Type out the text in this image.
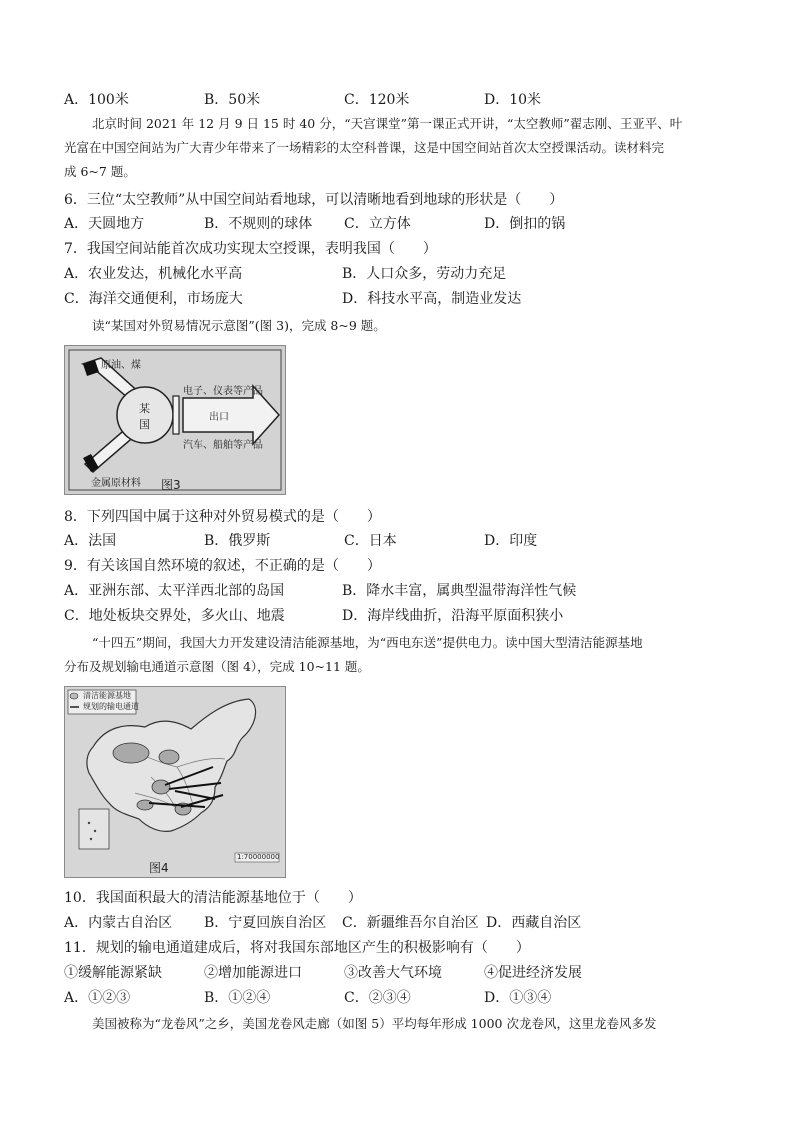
A．100米	B．50米	C．120米	D．10米
北京时间 2021 年 12 月 9 日 15 时 40 分，“天宫课堂”第一课正式开讲，“太空教师”翟志刚、王亚平、叶
光富在中国空间站为广大青少年带来了一场精彩的太空科普课，这是中国空间站首次太空授课活动。读材料完
成 6~7 题。
6．三位“太空教师”从中国空间站看地球，可以清晰地看到地球的形状是（　　）
A．天圆地方	B．不规则的球体 C．立方体	D．倒扣的锅
7．我国空间站能首次成功实现太空授课，表明我国（　　）
A．农业发达，机械化水平高	B．人口众多，劳动力充足
C．海洋交通便利，市场庞大	D．科技水平高，制造业发达
读“某国对外贸易情况示意图”(图 3)，完成 8~9 题。
原油、煤
金属原材料
某
国
电子、仪表等产品
出口
汽车、船舶等产品
图3
8．下列四国中属于这种对外贸易模式的是（　　）
A．法国	B．俄罗斯	C．日本	D．印度
9．有关该国自然环境的叙述，不正确的是（　　）
A．亚洲东部、太平洋西北部的岛国	B．降水丰富，属典型温带海洋性气候
C．地处板块交界处，多火山、地震	D．海岸线曲折，沿海平原面积狭小
“十四五”期间，我国大力开发建设清洁能源基地，为“西电东送”提供电力。读中国大型清洁能源基地
分布及规划输电通道示意图（图 4），完成 10~11 题。
清洁能源基地
规划的输电通道
图4
1:70000000
10．我国面积最大的清洁能源基地位于（　　）
A．内蒙古自治区 B．宁夏回族自治区 C．新疆维吾尔自治区 D．西藏自治区
11．规划的输电通道建成后，将对我国东部地区产生的积极影响有（　　）
①缓解能源紧缺	②增加能源进口	③改善大气环境	④促进经济发展
A．①②③	B．①②④	C．②③④	D．①③④
美国被称为“龙卷风”之乡，美国龙卷风走廊（如图 5）平均每年形成 1000 次龙卷风，这里龙卷风多发
